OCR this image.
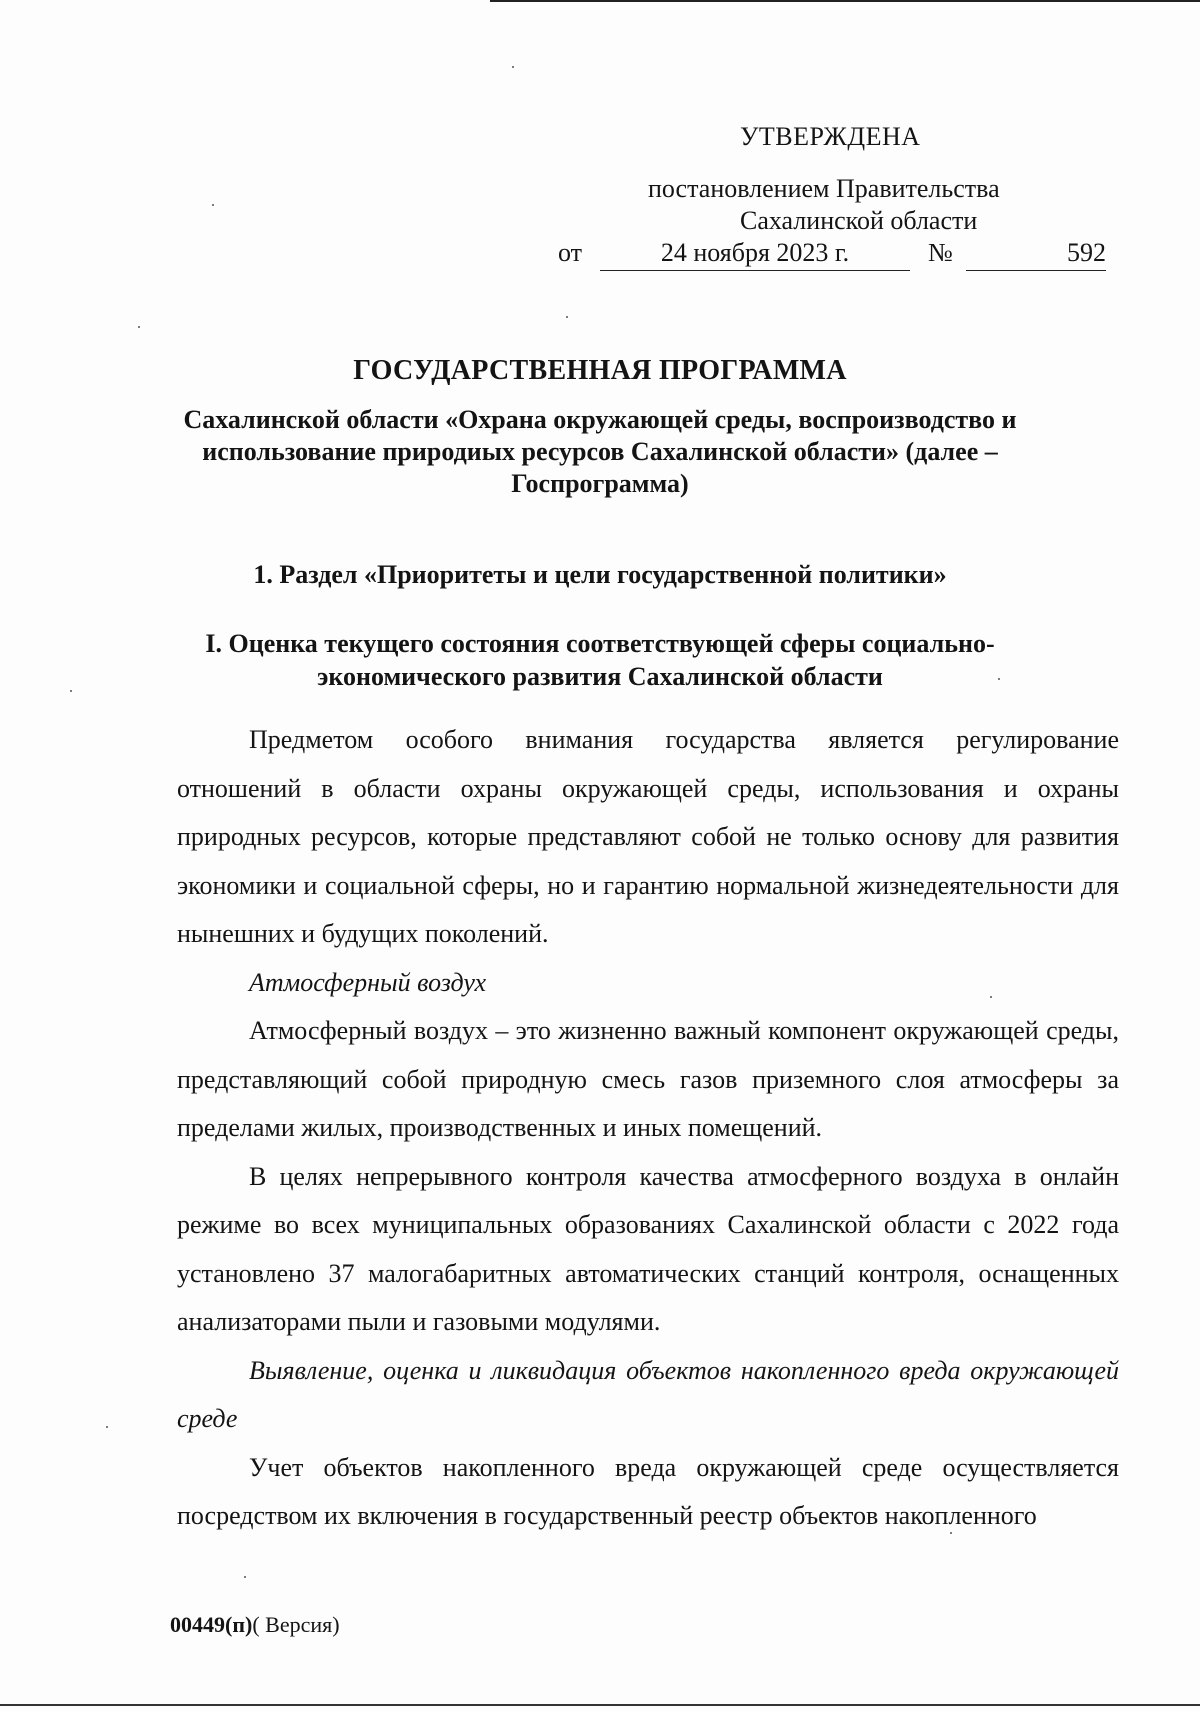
УТВЕРЖДЕНА
постановлением Правительства
Сахалинской области
от	24 ноября 2023 г.	№	592
ГОСУДАРСТВЕННАЯ ПРОГРАММА
Сахалинской области «Охрана окружающей среды, воспроизводство и использование природиых ресурсов Сахалинской области» (далее – Госпрограмма)
1. Раздел «Приоритеты и цели государственной политики»
I. Оценка текущего состояния соответствующей сферы социально-экономического развития Сахалинской области

Предметом особого внимания государства является регулирование отношений в области охраны окружающей среды, использования и охраны природных ресурсов, которые представляют собой не только основу для развития экономики и социальной сферы, но и гарантию нормальной жизнедеятельности для нынешних и будущих поколений.

Атмосферный воздух

Атмосферный воздух – это жизненно важный компонент окружающей среды, представляющий собой природную смесь газов приземного слоя атмосферы за пределами жилых, производственных и иных помещений.

В целях непрерывного контроля качества атмосферного воздуха в онлайн режиме во всех муниципальных образованиях Сахалинской области с 2022 года установлено 37 малогабаритных автоматических станций контроля, оснащенных анализаторами пыли и газовыми модулями.

Выявление, оценка и ликвидация объектов накопленного вреда окружающей среде

Учет объектов накопленного вреда окружающей среде осуществляется посредством их включения в государственный реестр объектов накопленного

00449(п)( Версия)
